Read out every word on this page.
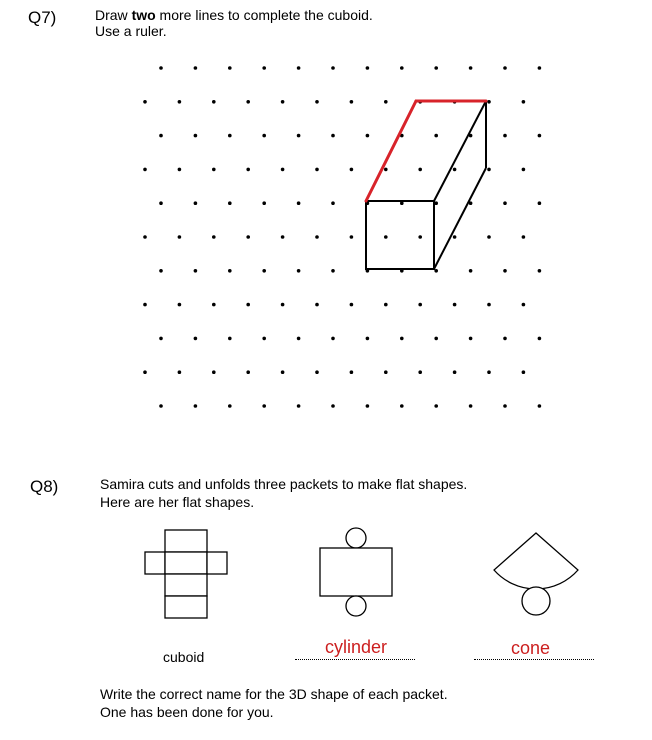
Q7)	Draw two more lines to complete the cuboid.
Use a ruler.
Q8)	Samira cuts and unfolds three packets to make flat shapes.
Here are her flat shapes.
cuboid	cylinder	cone
Write the correct name for the 3D shape of each packet.
One has been done for you.
